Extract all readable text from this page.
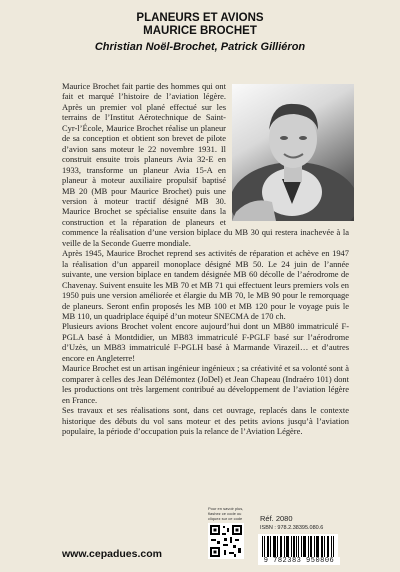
PLANEURS ET AVIONS
MAURICE BROCHET
Christian Noël-Brochet, Patrick Gilliéron

Maurice Brochet fait partie des hommes qui ont fait et marqué l’histoire de l’aviation légère. Après un premier vol plané effectué sur les terrains de l’Institut Aérotechnique de Saint-Cyr-l’École, Maurice Brochet réalise un planeur de sa conception et obtient son brevet de pilote d’avion sans moteur le 22 novembre 1931. Il construit ensuite trois planeurs Avia 32-E en 1933, transforme un planeur Avia 15-A en planeur à moteur auxiliaire propulsif baptisé MB 20 (MB pour Maurice Brochet) puis une version à moteur tractif désigné MB 30. Maurice Brochet se spécialise ensuite dans la construction et la réparation de planeurs et commence la réalisation d’une version biplace du MB 30 qui restera inachevée à la veille de la Seconde Guerre mondiale.

Après 1945, Maurice Brochet reprend ses activités de réparation et achève en 1947 la réalisation d’un appareil monoplace désigné MB 50. Le 24 juin de l’année suivante, une version biplace en tandem désignée MB 60 décolle de l’aérodrome de Chavenay. Suivent ensuite les MB 70 et MB 71 qui effectuent leurs premiers vols en 1950 puis une version améliorée et élargie du MB 70, le MB 90 pour le remorquage de planeurs. Seront enfin proposés les MB 100 et MB 120 pour le voyage puis le MB 110, un quadriplace équipé d’un moteur SNECMA de 170 ch.

Plusieurs avions Brochet volent encore aujourd’hui dont un MB80 immatriculé F-PGLA basé à Montdidier, un MB83 immatriculé F-PGLF basé sur l’aérodrome d’Uzès, un MB83 immatriculé F-PGLH basé à Marmande Virazeil… et d’autres encore en Angleterre!

Maurice Brochet est un artisan ingénieur ingénieux ; sa créativité et sa volonté sont à comparer à celles des Jean Délémontez (JoDel) et Jean Chapeau (Indraéro 101) dont les productions ont très largement contribué au développement de l’aviation légère en France.

Ses travaux et ses réalisations sont, dans cet ouvrage, replacés dans le contexte historique des débuts du vol sans moteur et des petits avions jusqu’à l’aviation populaire, la période d’occupation puis la relance de l’Aviation Légère.

Pour en savoir plus, flashez ce code ou cliquez sur ce code	Réf. 2080
ISBN : 978.2.38395.080.6
9 782383 950806
www.cepadues.com
